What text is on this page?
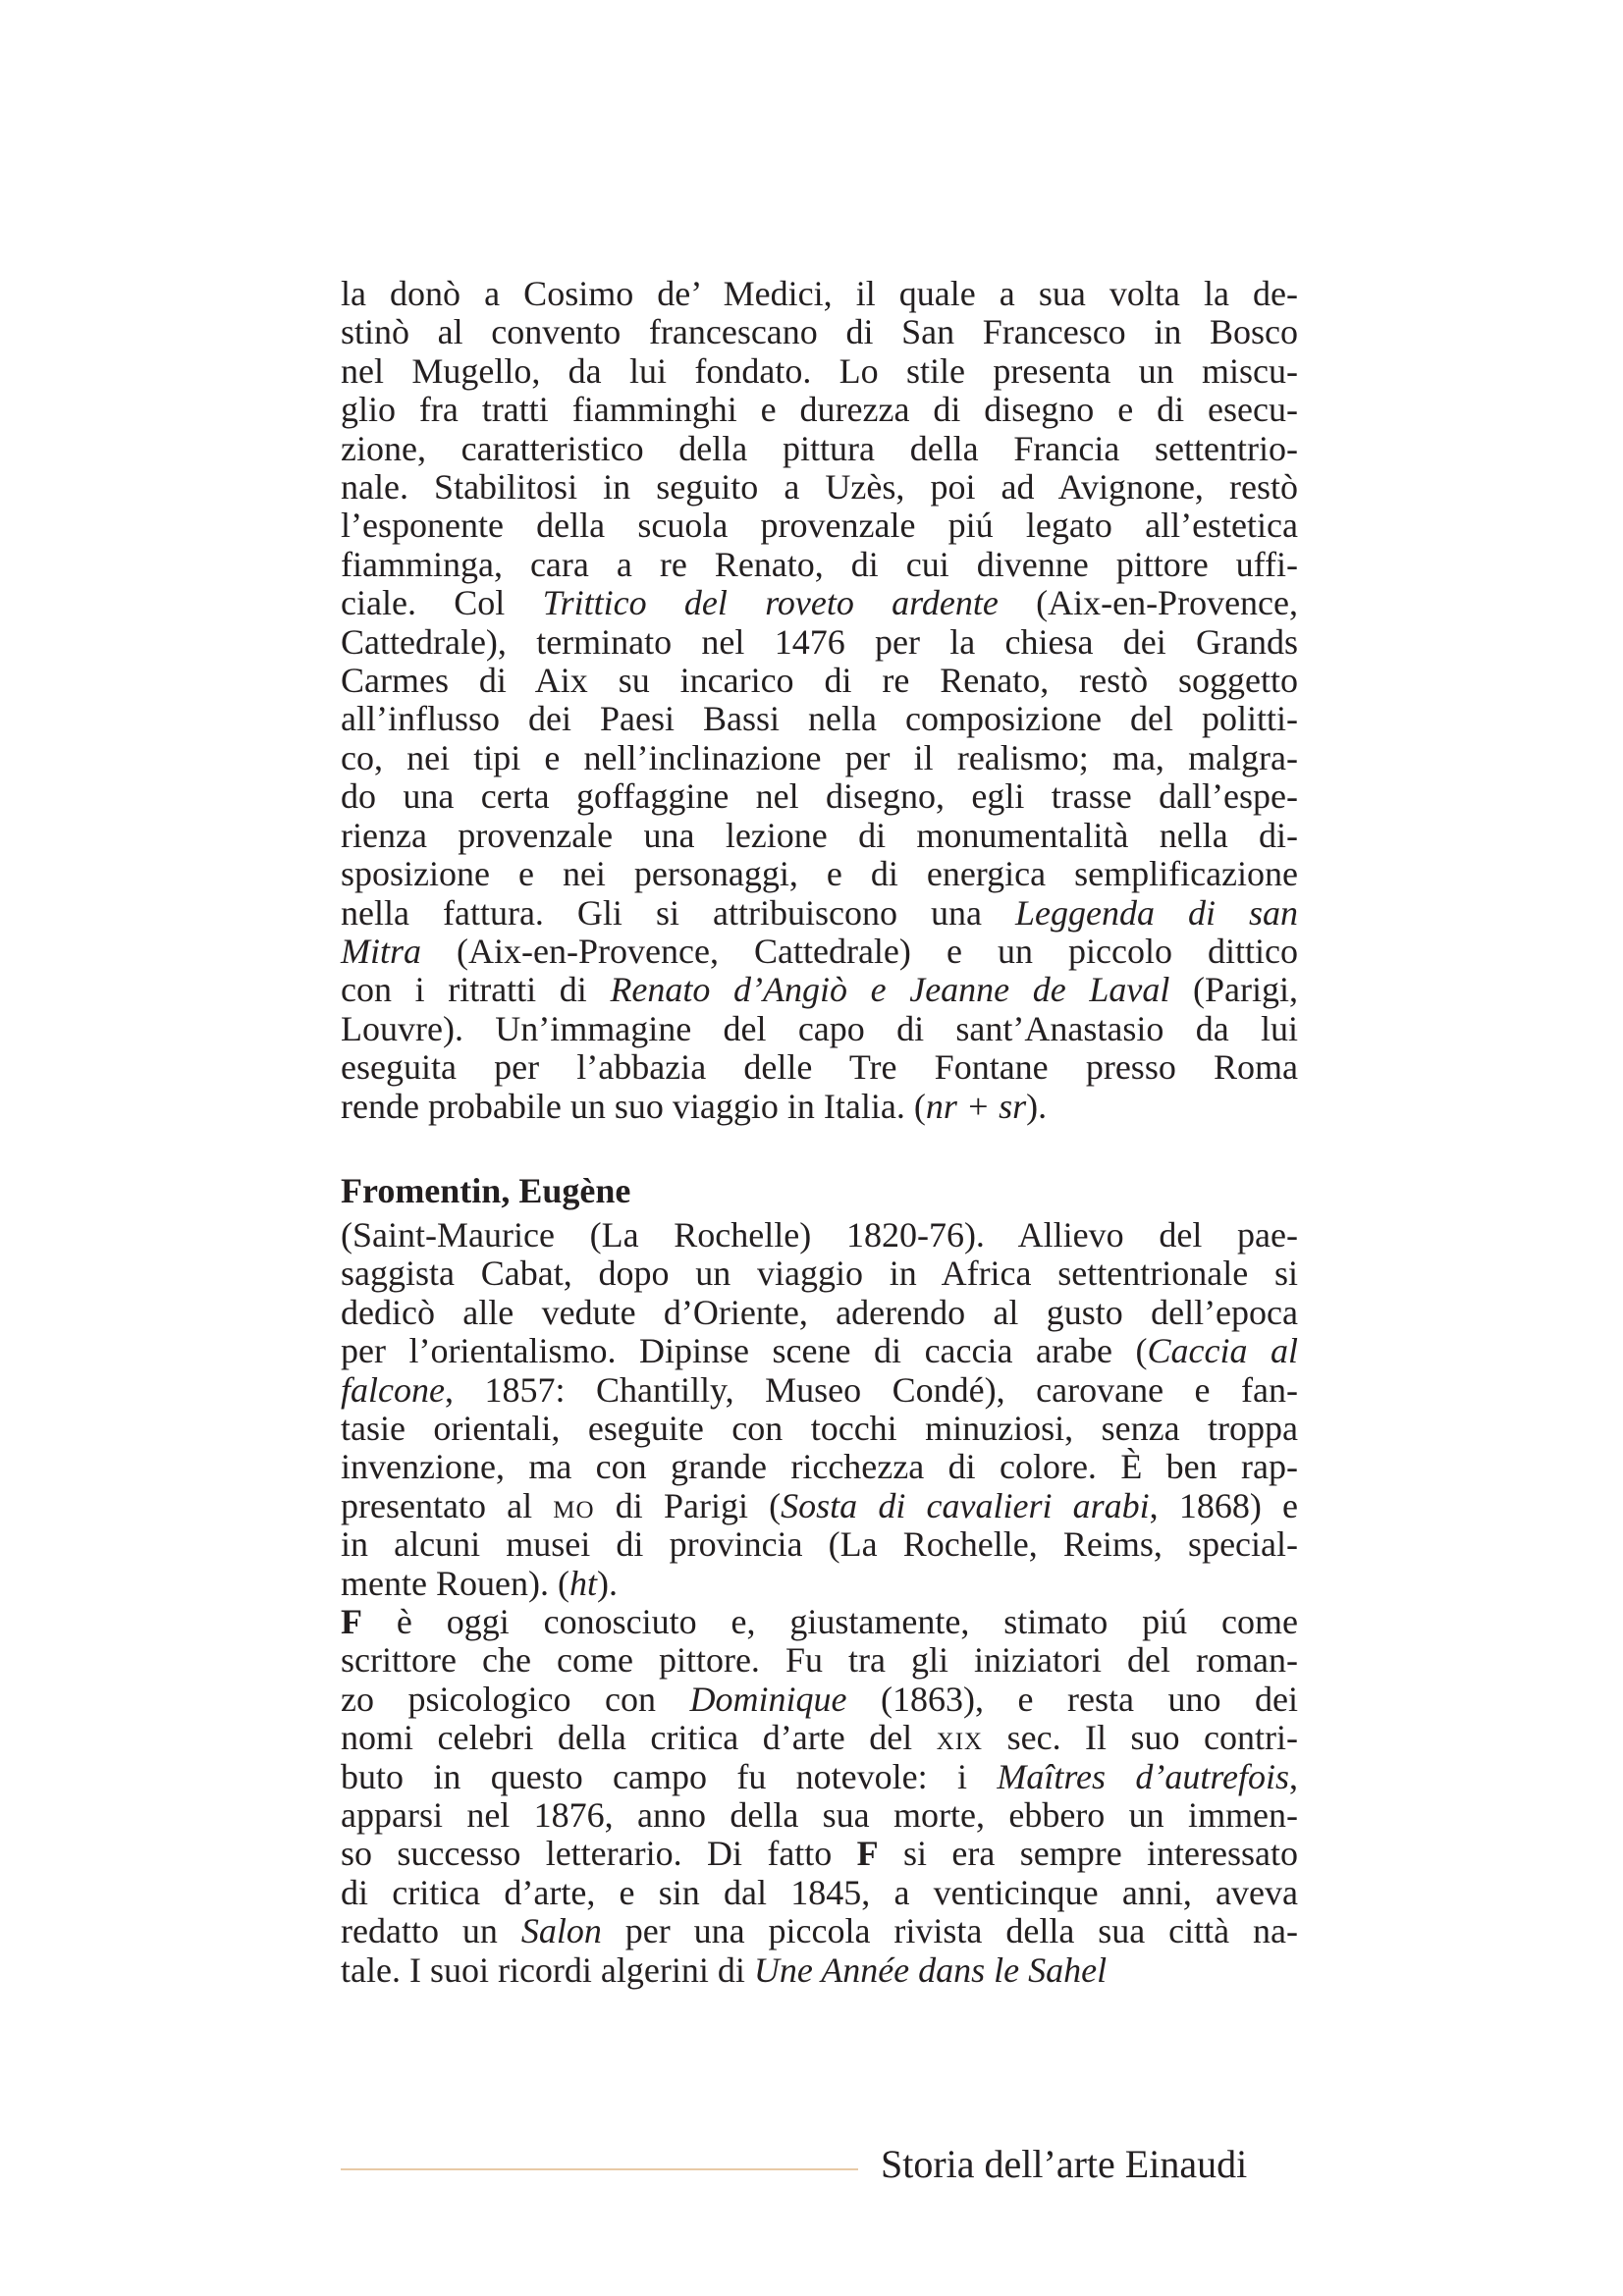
la donò a Cosimo de’ Medici, il quale a sua volta la de-
stinò al convento francescano di San Francesco in Bosco
nel Mugello, da lui fondato. Lo stile presenta un miscu-
glio fra tratti fiamminghi e durezza di disegno e di esecu-
zione, caratteristico della pittura della Francia settentrio-
nale. Stabilitosi in seguito a Uzès, poi ad Avignone, restò
l’esponente della scuola provenzale piú legato all’estetica
fiamminga, cara a re Renato, di cui divenne pittore uffi-
ciale. Col Trittico del roveto ardente (Aix-en-Provence,
Cattedrale), terminato nel 1476 per la chiesa dei Grands
Carmes di Aix su incarico di re Renato, restò soggetto
all’influsso dei Paesi Bassi nella composizione del politti-
co, nei tipi e nell’inclinazione per il realismo; ma, malgra-
do una certa goffaggine nel disegno, egli trasse dall’espe-
rienza provenzale una lezione di monumentalità nella di-
sposizione e nei personaggi, e di energica semplificazione
nella fattura. Gli si attribuiscono una Leggenda di san
Mitra (Aix-en-Provence, Cattedrale) e un piccolo dittico
con i ritratti di Renato d’Angiò e Jeanne de Laval (Parigi,
Louvre). Un’immagine del capo di sant’Anastasio da lui
eseguita per l’abbazia delle Tre Fontane presso Roma
rende probabile un suo viaggio in Italia. (nr + sr).
Fromentin, Eugène
(Saint-Maurice (La Rochelle) 1820-76). Allievo del pae-
saggista Cabat, dopo un viaggio in Africa settentrionale si
dedicò alle vedute d’Oriente, aderendo al gusto dell’epoca
per l’orientalismo. Dipinse scene di caccia arabe (Caccia al
falcone, 1857: Chantilly, Museo Condé), carovane e fan-
tasie orientali, eseguite con tocchi minuziosi, senza troppa
invenzione, ma con grande ricchezza di colore. È ben rap-
presentato al mo di Parigi (Sosta di cavalieri arabi, 1868) e
in alcuni musei di provincia (La Rochelle, Reims, special-
mente Rouen). (ht).
F è oggi conosciuto e, giustamente, stimato piú come
scrittore che come pittore. Fu tra gli iniziatori del roman-
zo psicologico con Dominique (1863), e resta uno dei
nomi celebri della critica d’arte del xix sec. Il suo contri-
buto in questo campo fu notevole: i Maîtres d’autrefois,
apparsi nel 1876, anno della sua morte, ebbero un immen-
so successo letterario. Di fatto F si era sempre interessato
di critica d’arte, e sin dal 1845, a venticinque anni, aveva
redatto un Salon per una piccola rivista della sua città na-
tale. I suoi ricordi algerini di Une Année dans le Sahel
Storia dell’arte Einaudi
